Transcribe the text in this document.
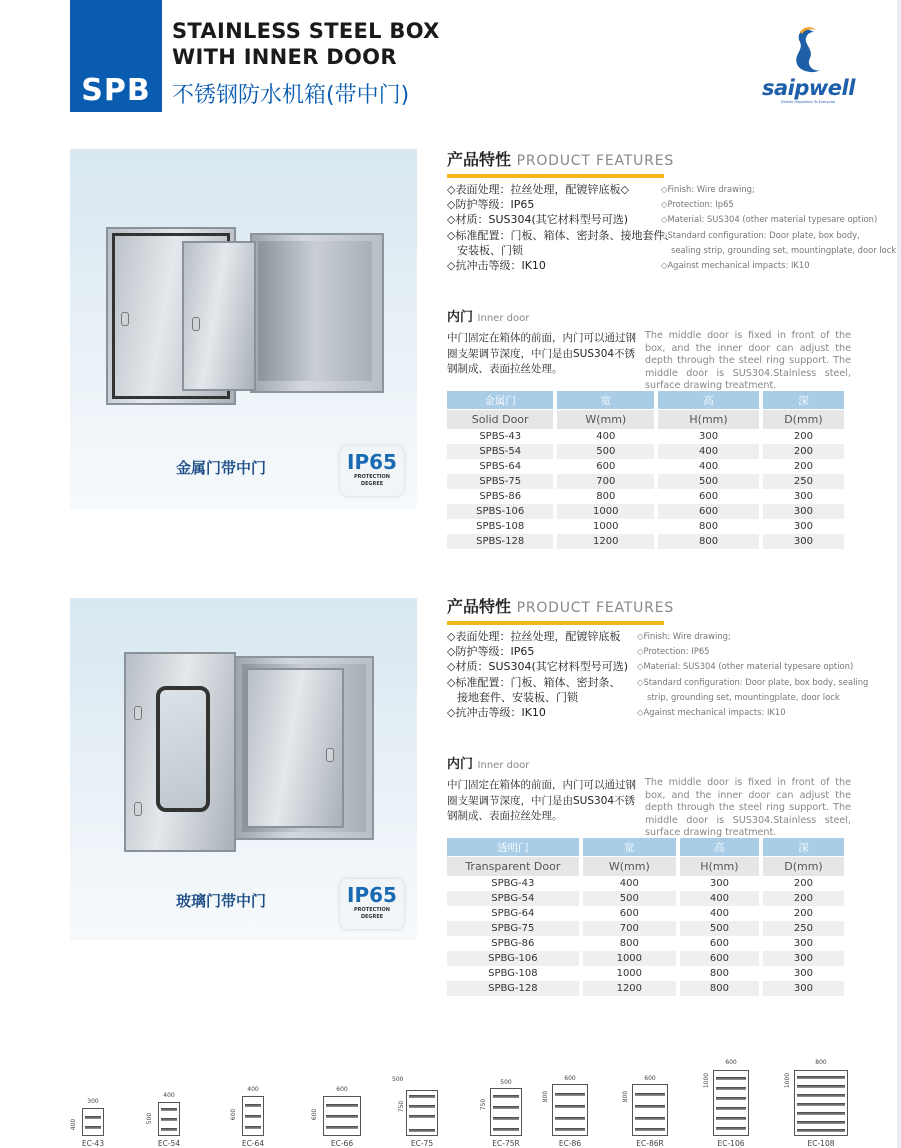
SPB
STAINLESS STEEL BOX
WITH INNER DOOR
不锈钢防水机箱(带中门)	saipwell
Deliver Happiness To Everyone
金属门带中门	IP65
PROTECTION
DEGREE
产品特性 PRODUCT FEATURES
◇表面处理：拉丝处理，配镀锌底板◇
◇防护等级：IP65
◇材质：SUS304(其它材料型号可选)
◇标准配置：门板、箱体、密封条、接地套件、
安装板、门锁
◇抗冲击等级：IK10
◇Finish: Wire drawing;
◇Protection: Ip65
◇Material: SUS304 (other material typesare option)
◇Standard configuration: Door plate, box body,
sealing strip, grounding set, mountingplate, door lock
◇Against mechanical impacts: IK10
内门 Inner door
中门固定在箱体的前面，内门可以通过钢圈支架调节深度，中门是由SUS304不锈钢制成、表面拉丝处理。
The middle door is fixed in front of the box, and the inner door can adjust the depth through the steel ring support. The middle door is SUS304.Stainless steel, surface drawing treatment.
金属门	宽	高	深
Solid Door	W(mm)	H(mm)	D(mm)
SPBS-43	400	300	200
SPBS-54	500	400	200
SPBS-64	600	400	200
SPBS-75	700	500	250
SPBS-86	800	600	300
SPBS-106	1000	600	300
SPBS-108	1000	800	300
SPBS-128	1200	800	300
玻璃门带中门	IP65
PROTECTION
DEGREE
产品特性 PRODUCT FEATURES
◇表面处理：拉丝处理，配镀锌底板
◇防护等级：IP65
◇材质：SUS304(其它材料型号可选)
◇标准配置：门板、箱体、密封条、
接地套件、安装板、门锁
◇抗冲击等级：IK10
◇Finish: Wire drawing;
◇Protection: IP65
◇Material: SUS304 (other material typesare option)
◇Standard configuration: Door plate, box body, sealing
strip, grounding set, mountingplate, door lock
◇Against mechanical impacts: IK10
内门 Inner door
中门固定在箱体的前面，内门可以通过钢圈支架调节深度，中门是由SUS304不锈钢制成、表面拉丝处理。
The middle door is fixed in front of the box, and the inner door can adjust the depth through the steel ring support. The middle door is SUS304.Stainless steel, surface drawing treatment.
透明门	宽	高	深
Transparent Door	W(mm)	H(mm)	D(mm)
SPBG-43	400	300	200
SPBG-54	500	400	200
SPBG-64	600	400	200
SPBG-75	700	500	250
SPBG-86	800	600	300
SPBG-106	1000	600	300
SPBG-108	1000	800	300
SPBG-128	1200	800	300
300
400
EC-43
400
500
EC-54
400
600
EC-64
600
600
EC-66
500
750
EC-75
500
750
EC-75R
600
800
EC-86
600
800
EC-86R
600
1000
EC-106
800
1000
EC-108
